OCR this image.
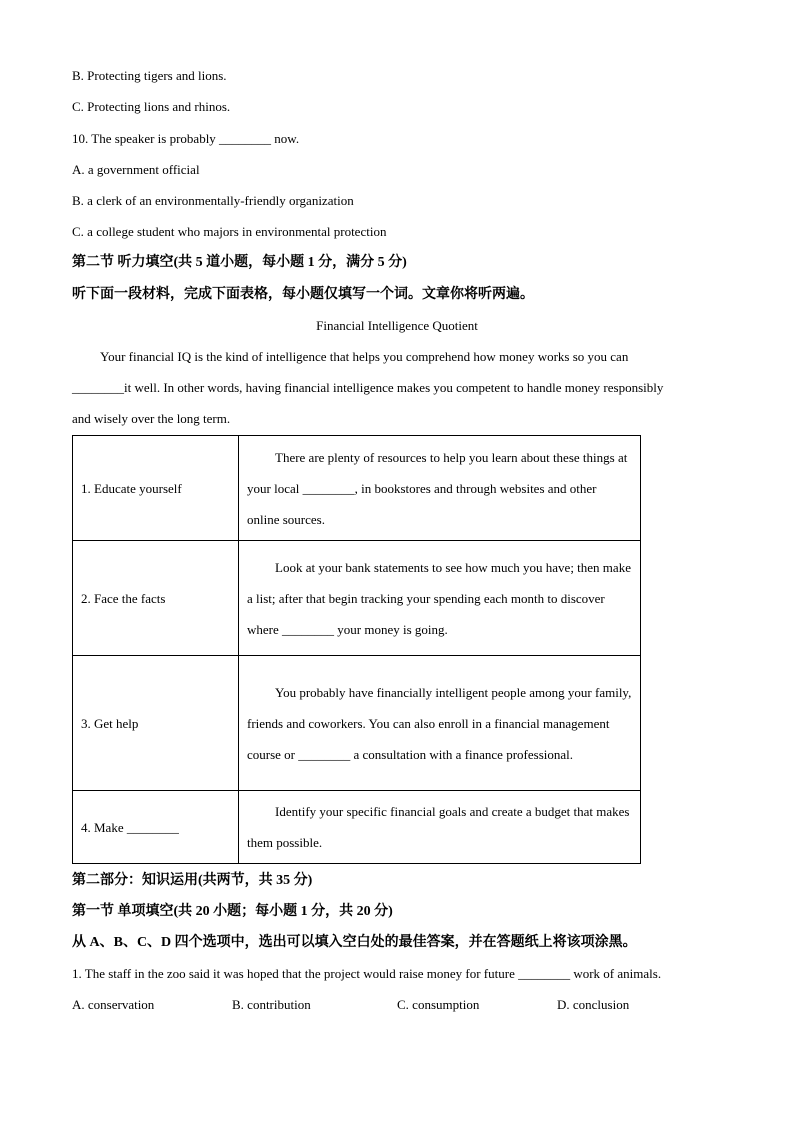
B. Protecting tigers and lions.
C. Protecting lions and rhinos.
10. The speaker is probably ________ now.
A. a government official
B. a clerk of an environmentally-friendly organization
C. a college student who majors in environmental protection
第二节 听力填空(共 5 道小题，每小题 1 分，满分 5 分)
听下面一段材料，完成下面表格，每小题仅填写一个词。文章你将听两遍。
Financial Intelligence Quotient
Your financial IQ is the kind of intelligence that helps you comprehend how money works so you can
________it well. In other words, having financial intelligence makes you competent to handle money responsibly
and wisely over the long term.
1. Educate yourself	There are plenty of resources to help you learn about these things at your local ________, in bookstores and through websites and other online sources.
2. Face the facts	Look at your bank statements to see how much you have; then make a list; after that begin tracking your spending each month to discover where ________ your money is going.
3. Get help	You probably have financially intelligent people among your family, friends and coworkers. You can also enroll in a financial management course or ________ a consultation with a finance professional.
4. Make ________	Identify your specific financial goals and create a budget that makes them possible.
第二部分：知识运用(共两节，共 35 分)
第一节 单项填空(共 20 小题；每小题 1 分，共 20 分)
从 A、B、C、D 四个选项中，选出可以填入空白处的最佳答案，并在答题纸上将该项涂黑。
1. The staff in the zoo said it was hoped that the project would raise money for future ________ work of animals.
A. conservation	B. contribution	C. consumption	D. conclusion
